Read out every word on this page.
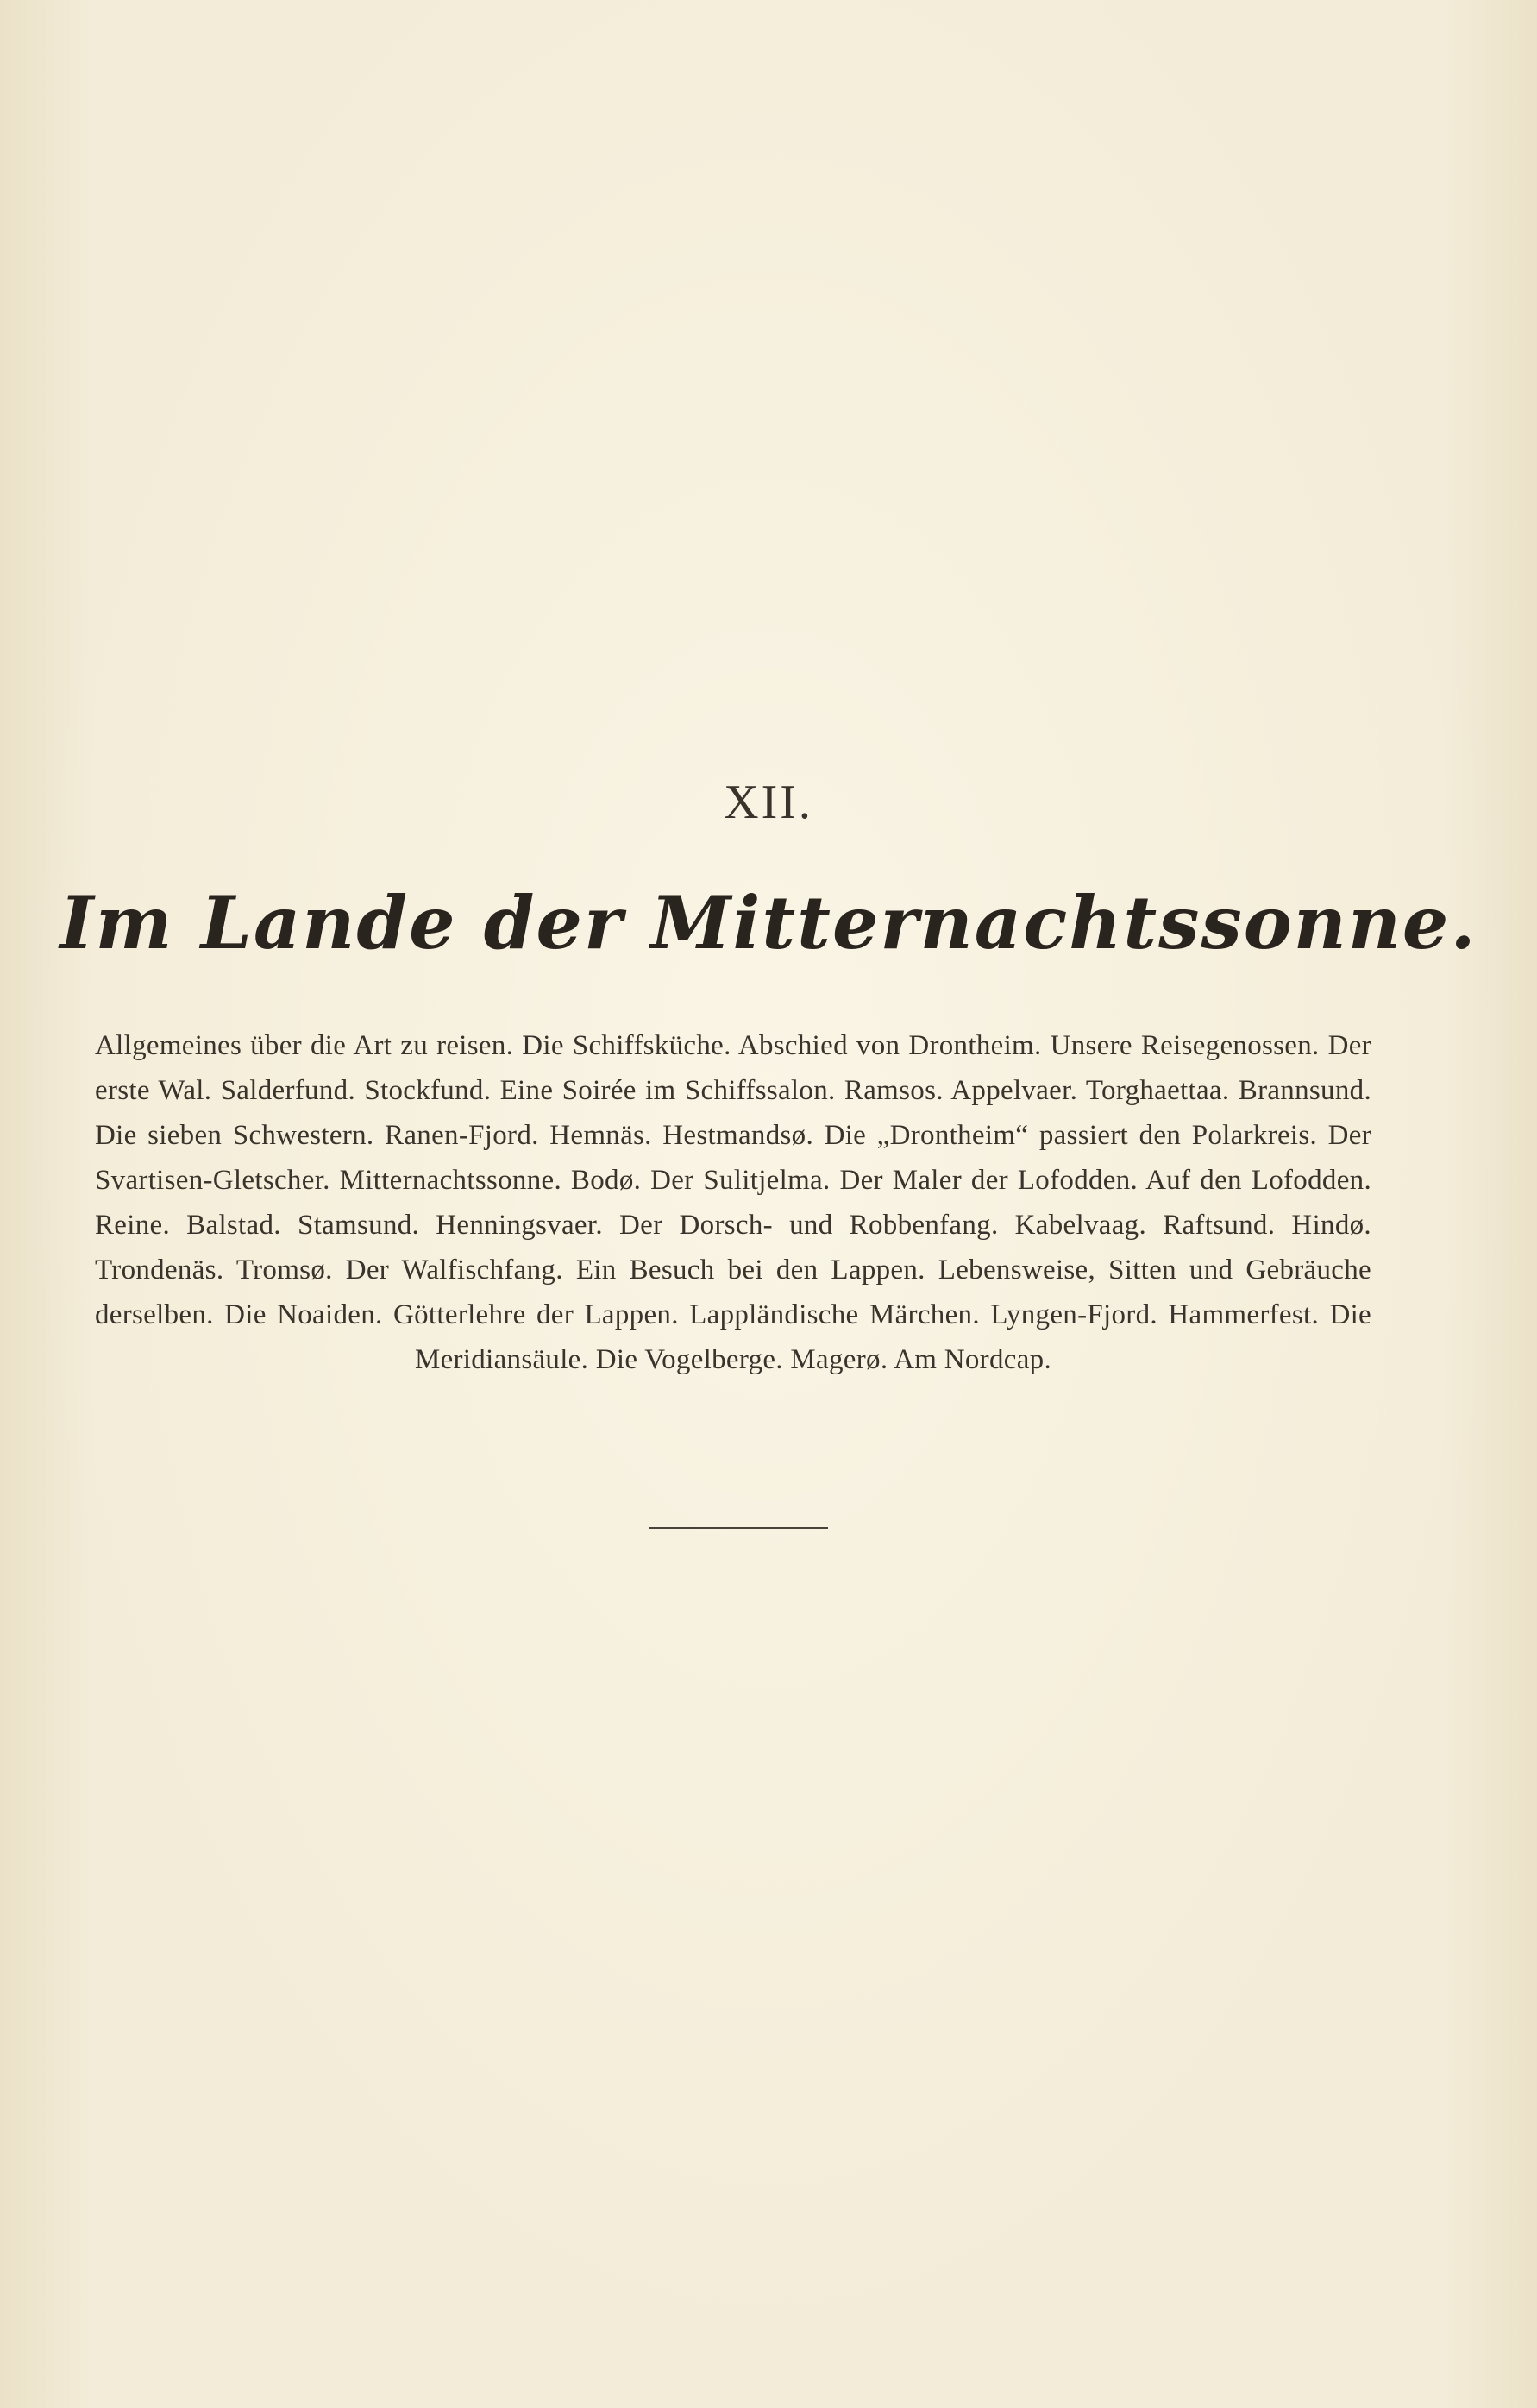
XII.
Im Lande der Mitternachtssonne.
Allgemeines über die Art zu reisen. Die Schiffsküche. Abschied von Drontheim. Unsere Reisegenossen. Der erste Wal. Salderfund. Stockfund. Eine Soirée im Schiffssalon. Ramsos. Appelvaer. Torghaettaa. Brannsund. Die sieben Schwestern. Ranen-Fjord. Hemnäs. Hestmandsø. Die „Drontheim“ passiert den Polarkreis. Der Svartisen-Gletscher. Mitternachtssonne. Bodø. Der Sulitjelma. Der Maler der Lofodden. Auf den Lofodden. Reine. Balstad. Stamsund. Henningsvaer. Der Dorsch- und Robbenfang. Kabelvaag. Raftsund. Hindø. Trondenäs. Tromsø. Der Walfischfang. Ein Besuch bei den Lappen. Lebensweise, Sitten und Gebräuche derselben. Die Noaiden. Götterlehre der Lappen. Lappländische Märchen. Lyngen-Fjord. Hammerfest. Die Meridiansäule. Die Vogelberge. Magerø. Am Nordcap.
